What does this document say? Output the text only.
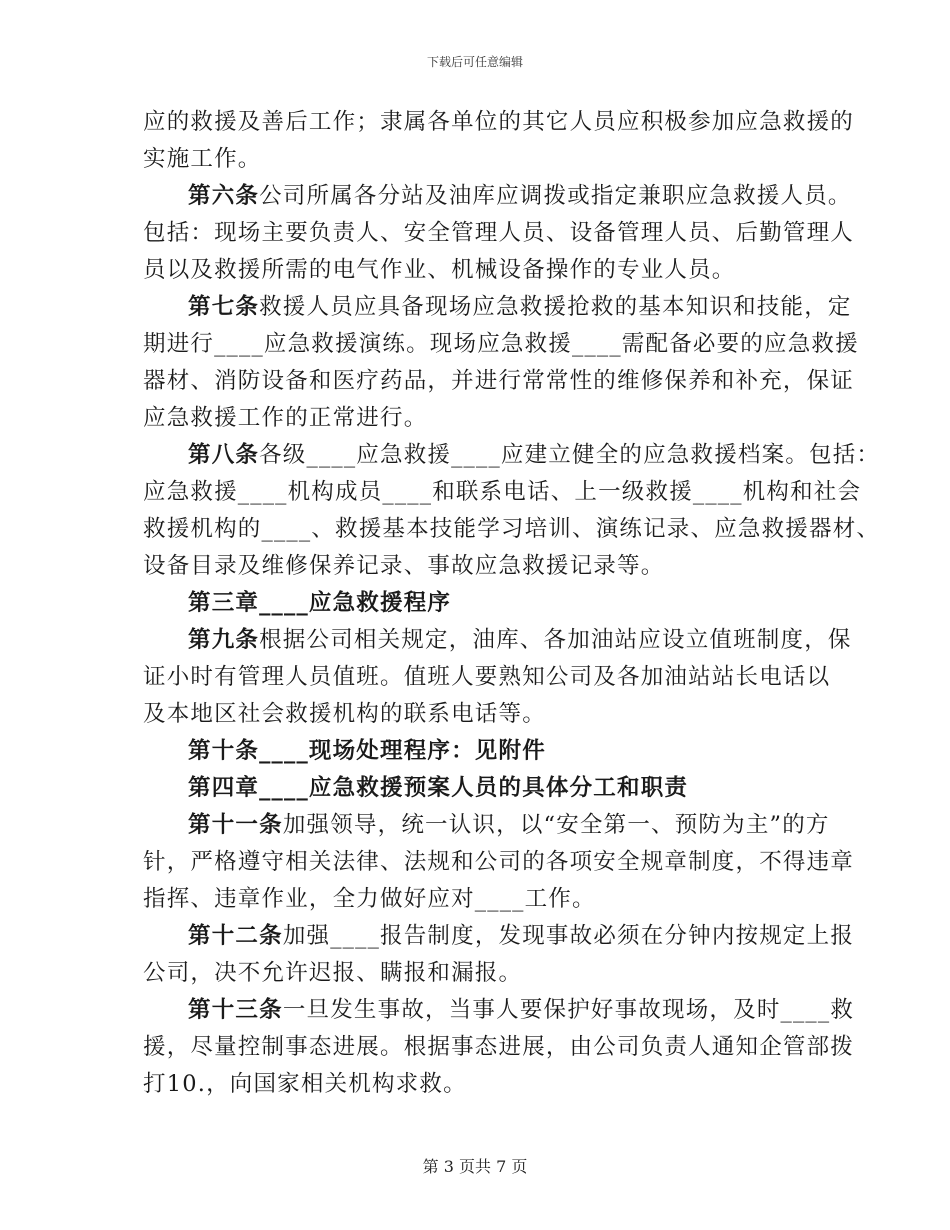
下载后可任意编辑

应的救援及善后工作；隶属各单位的其它人员应积极参加应急救援的
实施工作。

第六条公司所属各分站及油库应调拨或指定兼职应急救援人员。
包括：现场主要负责人、安全管理人员、设备管理人员、后勤管理人
员以及救援所需的电气作业、机械设备操作的专业人员。

第七条救援人员应具备现场应急救援抢救的基本知识和技能，定
期进行____应急救援演练。现场应急救援____需配备必要的应急救援
器材、消防设备和医疗药品，并进行常常性的维修保养和补充，保证
应急救援工作的正常进行。

第八条各级____应急救援____应建立健全的应急救援档案。包括：
应急救援____机构成员____和联系电话、上一级救援____机构和社会
救援机构的____、救援基本技能学习培训、演练记录、应急救援器材、
设备目录及维修保养记录、事故应急救援记录等。

第三章____应急救援程序

第九条根据公司相关规定，油库、各加油站应设立值班制度，保
证小时有管理人员值班。值班人要熟知公司及各加油站站长电话以
及本地区社会救援机构的联系电话等。

第十条____现场处理程序：见附件

第四章____应急救援预案人员的具体分工和职责

第十一条加强领导，统一认识，以“安全第一、预防为主”的方
针，严格遵守相关法律、法规和公司的各项安全规章制度，不得违章
指挥、违章作业，全力做好应对____工作。

第十二条加强____报告制度，发现事故必须在分钟内按规定上报
公司，决不允许迟报、瞒报和漏报。

第十三条一旦发生事故，当事人要保护好事故现场，及时____救
援，尽量控制事态进展。根据事态进展，由公司负责人通知企管部拨
打10.，向国家相关机构求救。

第 3 页共 7 页
